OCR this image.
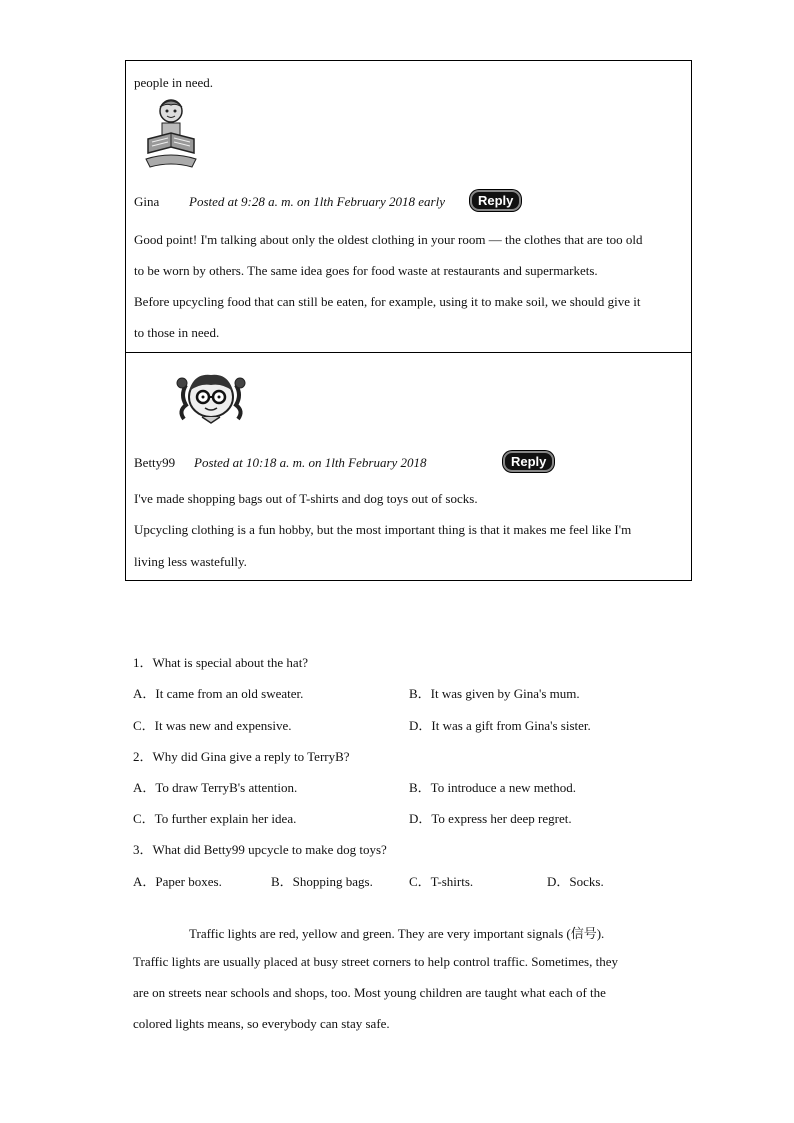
people in need.
Gina	Posted at 9:28 a. m. on 1lth February 2018 early	Reply
Good point! I'm talking about only the oldest clothing in your room — the clothes that are too old
to be worn by others. The same idea goes for food waste at restaurants and supermarkets.
Before upcycling food that can still be eaten, for example, using it to make soil, we should give it
to those in need.
Betty99	Posted at 10:18 a. m. on 1lth February 2018	Reply
I've made shopping bags out of T-shirts and dog toys out of socks.
Upcycling clothing is a fun hobby, but the most important thing is that it makes me feel like I'm
living less wastefully.
1．What is special about the hat?
A．It came from an old sweater.	B．It was given by Gina's mum.
C．It was new and expensive.	D．It was a gift from Gina's sister.
2．Why did Gina give a reply to TerryB?
A．To draw TerryB's attention.	B．To introduce a new method.
C．To further explain her idea.	D．To express her deep regret.
3．What did Betty99 upcycle to make dog toys?
A．Paper boxes.	B．Shopping bags.	C．T-shirts.	D．Socks.
Traffic lights are red, yellow and green. They are very important signals (信号).
Traffic lights are usually placed at busy street corners to help control traffic. Sometimes, they
are on streets near schools and shops, too. Most young children are taught what each of the
colored lights means, so everybody can stay safe.
